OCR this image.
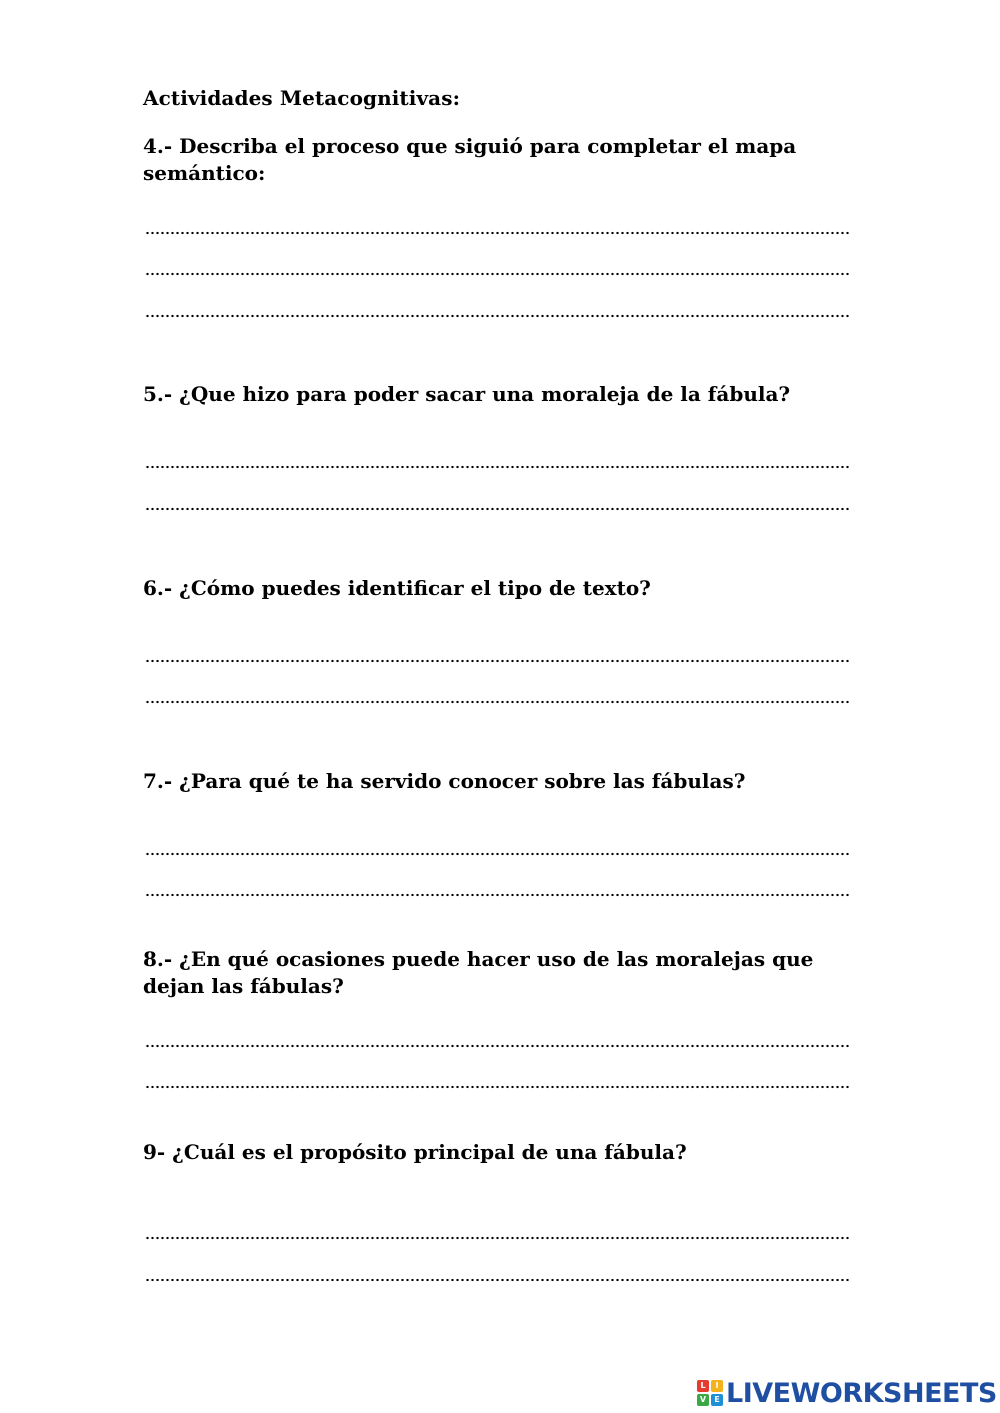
Actividades Metacognitivas:
4.- Describa el proceso que siguió para completar el mapa semántico:
5.- ¿Que hizo para poder sacar una moraleja de la fábula?
6.- ¿Cómo puedes identificar el tipo de texto?
7.- ¿Para qué te ha servido conocer sobre las fábulas?
8.- ¿En qué ocasiones puede hacer uso de las moralejas que dejan las fábulas?
9- ¿Cuál es el propósito principal de una fábula?
L	I
V	E LIVEWORKSHEETS
